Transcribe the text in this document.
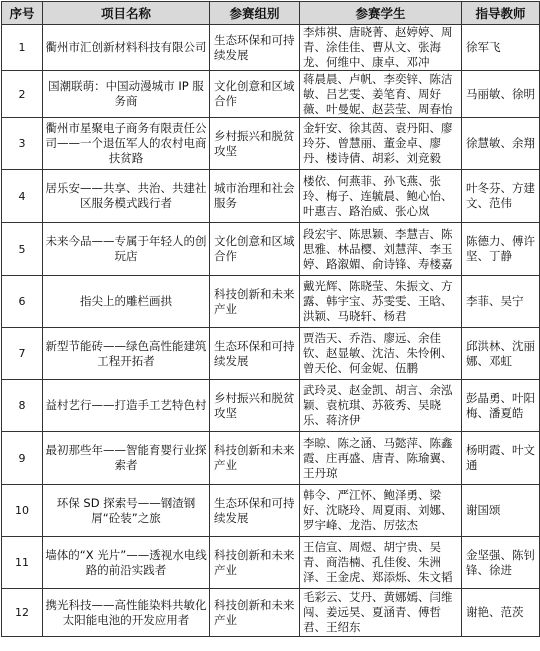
序号	项目名称	参赛组别	参赛学生	指导教师
1	衢州市汇创新材料科技有限公司	生态环保和可持续发展	李炜祺、唐晓菁、赵婷婷、周青、涂佳佳、曹从文、张海龙、何维中、康卓、邓冲	徐军飞
2	国潮联萌：中国动漫城市 IP 服务商	文化创意和区域合作	蒋晨晨、卢帆、李奕锌、陈洁敏、吕艺雯、姜笔育、周好薇、叶曼妮、赵芸莹、周春怡	马丽敏、徐明
3	衢州市星聚电子商务有限责任公司——一个退伍军人的农村电商扶贫路	乡村振兴和脱贫攻坚	金轩安、徐其茵、袁丹阳、廖玲芬、曾慧丽、董金卓、廖丹、楼诗倩、胡彩、刘竞毅	徐慧敏、余翔
4	居乐安——共享、共治、共建社区服务模式践行者	城市治理和社会服务	楼依、何燕菲、孙飞燕、张玲、梅子、连毓晨、鲍心怡、叶惠吉、路治威、张心岚	叶冬芬、方建文、范伟
5	未来今品——专属于年轻人的创玩店	文化创意和区域合作	段宏宇、陈思颖、李慧吉、陈思雅、林品樱、刘慧萍、李玉婷、路溆媚、俞诗锋、寿楼嘉	陈德力、傅许坚、丁静
6	指尖上的雕栏画拱	科技创新和未来产业	戴光辉、陈晓莹、朱振文、方露、韩宇宝、苏雯雯、王晗、洪颖、马晓轩、杨君	李菲、吴宁
7	新型节能砖——绿色高性能建筑工程开拓者	生态环保和可持续发展	贾浩天、乔浩、廖远、余佳钦、赵显敏、沈洁、朱怜俐、曾天伦、何金妮、伍鹏	邱洪林、沈丽娜、邓虹
8	益村艺行——打造手工艺特色村	乡村振兴和脱贫攻坚	武玲灵、赵金凯、胡言、余泓颖、袁杭琪、苏筱秀、吴晓乐、蒋济伊	彭晶勇、叶阳梅、潘夏皓
9	最初那些年——智能育婴行业探索者	科技创新和未来产业	李晾、陈之涵、马懿萍、陈鑫霞、庄再盛、唐青、陈瑜翼、王丹琼	杨明霞、叶文通
10	环保 SD 探索号——钢渣钢屑“砼装”之旅	生态环保和可持续发展	韩令、严江怀、鲍泽勇、梁好、沈晓玲、周夏雨、刘娜、罗宇峰、龙浩、厉弦杰	谢国颂
11	墙体的“X 光片”——透视水电线路的前沿实践者	科技创新和未来产业	王信宣、周煜、胡宁贵、吴青、商浩楠、孔佳俊、朱洲泽、王金虎、郑添烁、朱文韬	金坚强、陈钊锋、徐进
12	携光科技——高性能染料共敏化太阳能电池的开发应用者	科技创新和未来产业	毛彩云、艾丹、黄娜嫣、闫维闯、姜远昊、夏涵青、傅哲君、王绍东	谢艳、范茨
